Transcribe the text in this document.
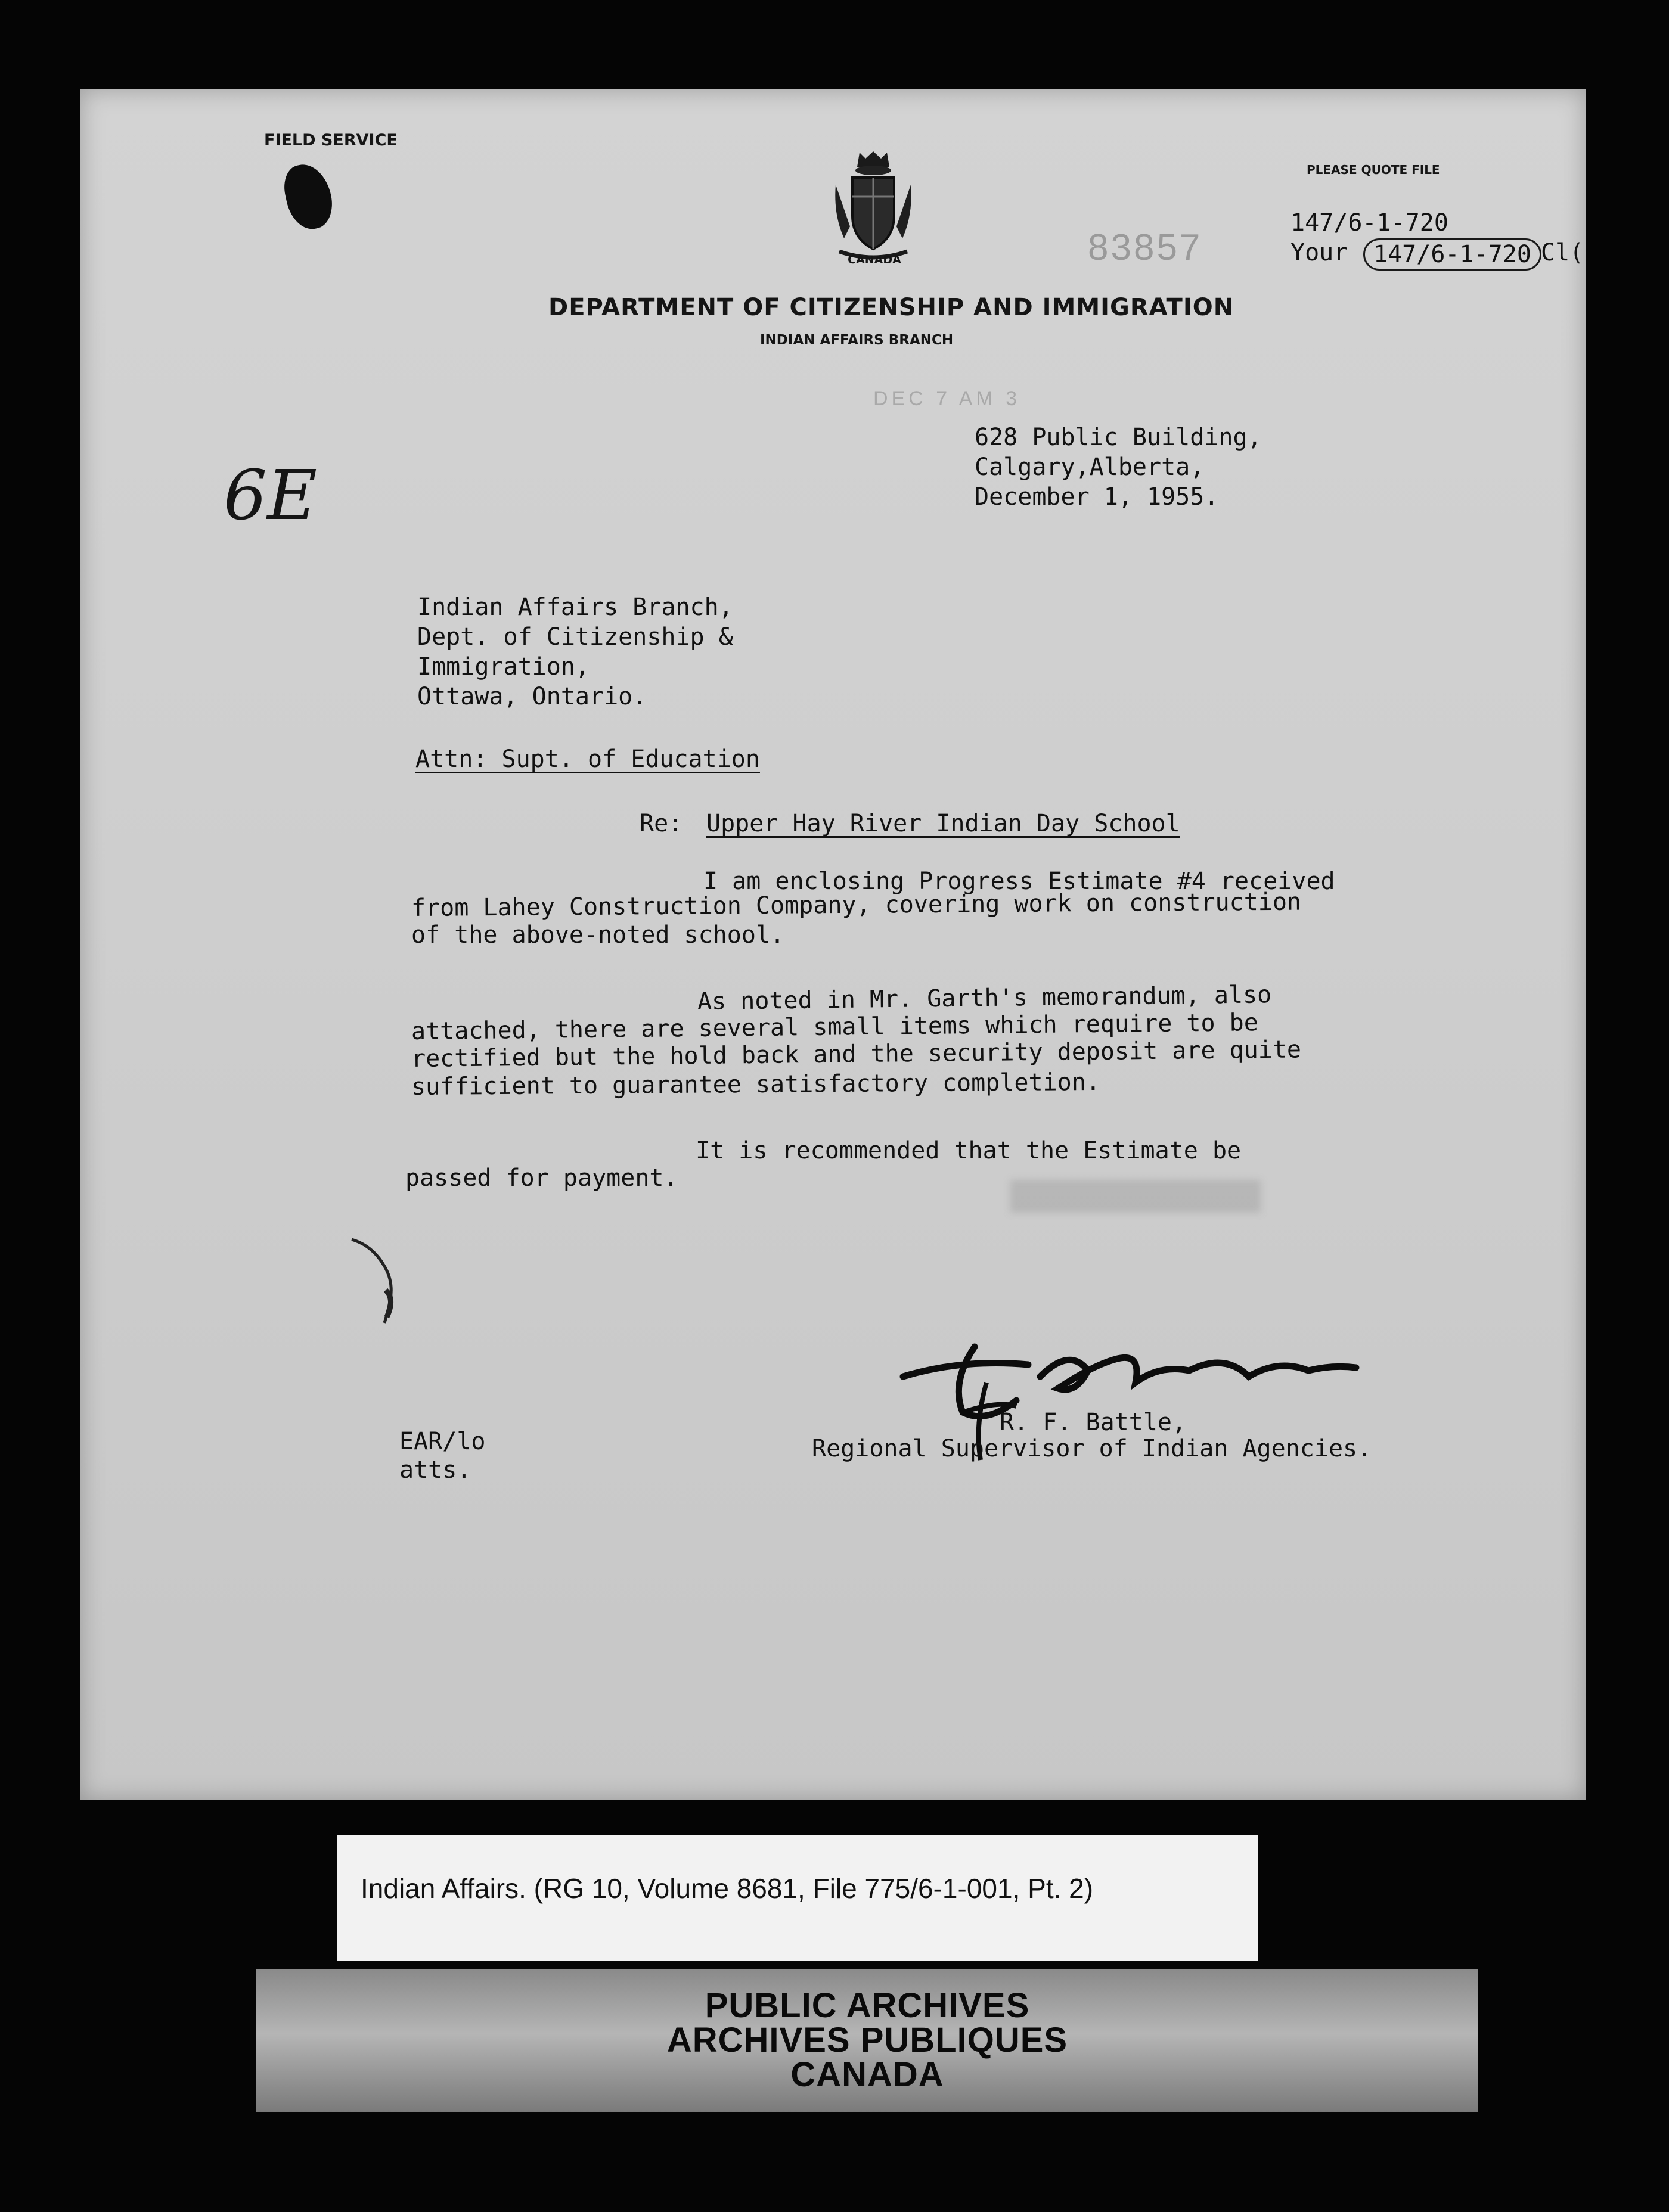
FIELD SERVICE
CANADA
DEPARTMENT OF CITIZENSHIP AND IMMIGRATION
INDIAN AFFAIRS BRANCH
PLEASE QUOTE FILE
147/6-1-720
Your	147/6-1-720 Cl(
83857
DEC 7 AM 3
6E
628 Public Building,
Calgary,Alberta,
December 1, 1955.
Indian Affairs Branch,
Dept. of Citizenship &
Immigration,
Ottawa, Ontario.
Attn: Supt. of Education
Re: Upper Hay River Indian Day School
I am enclosing Progress Estimate #4 received
from Lahey Construction Company, covering work on construction
of the above-noted school.
As noted in Mr. Garth's memorandum, also
attached, there are several small items which require to be
rectified but the hold back and the security deposit are quite
sufficient to guarantee satisfactory completion.
It is recommended that the Estimate be
passed for payment.
R. F. Battle,
Regional Supervisor of Indian Agencies.
EAR/lo
atts.
Indian Affairs. (RG 10, Volume 8681, File 775/6-1-001, Pt. 2)
PUBLIC ARCHIVES
ARCHIVES PUBLIQUES
CANADA
